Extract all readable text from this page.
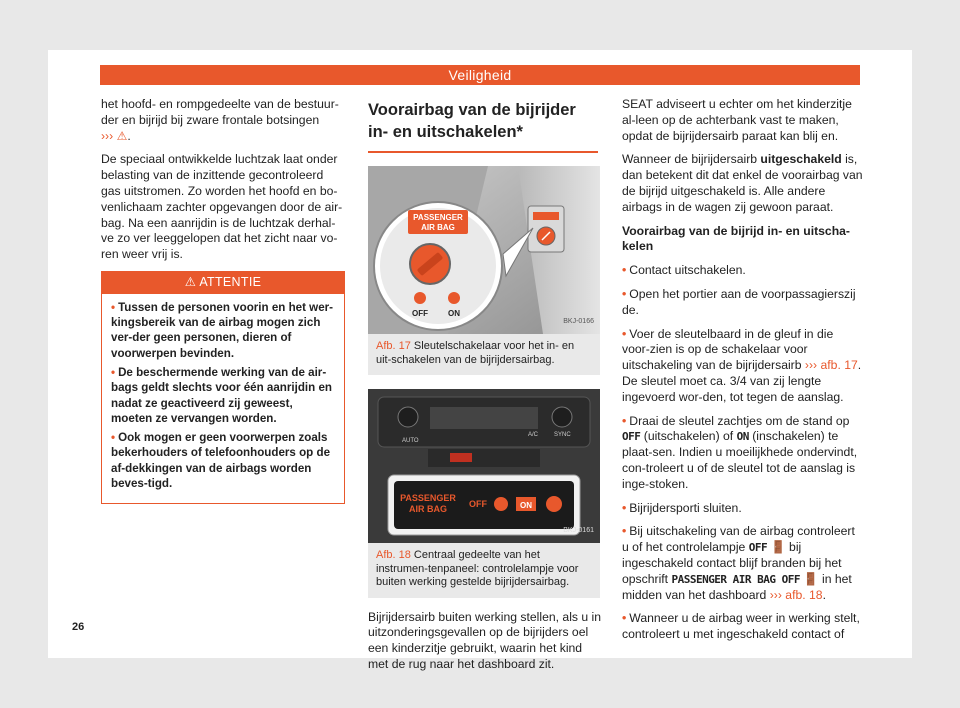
Veiligheid

het hoofd- en rompgedeelte van de bestuur-der en bijrijd bij zware frontale botsingen
››› ⚠.

De speciaal ontwikkelde luchtzak laat onder belasting van de inzittende gecontroleerd gas uitstromen. Zo worden het hoofd en bo-venlichaam zachter opgevangen door de air-bag. Na een aanrijdin is de luchtzak derhal-ve zo ver leeggelopen dat het zicht naar vo-ren weer vrij is.

⚠ ATTENTIE

• Tussen de personen voorin en het wer-kingsbereik van de airbag mogen zich ver-der geen personen, dieren of voorwerpen bevinden.

• De beschermende werking van de air-bags geldt slechts voor één aanrijdin en nadat ze geactiveerd zij geweest, moeten ze vervangen worden.

• Ook mogen er geen voorwerpen zoals bekerhouders of telefoonhouders op de af-dekkingen van de airbags worden beves-tigd.

Voorairbag van de bijrijder in- en uitschakelen*
PASSENGER
AIR BAG
OFF	ON
BKJ-0166
Afb. 17 Sleutelschakelaar voor het in- en uit-schakelen van de bijrijdersairbag.
A/C	SYNC
AUTO
PASSENGER
AIR BAG OFF	ON
BKJ-0161
Afb. 18 Centraal gedeelte van het instrumen-tenpaneel: controlelampje voor buiten werking gestelde bijrijdersairbag.

Bijrijdersairb buiten werking stellen, als u in uitzonderingsgevallen op de bijrijders oel een kinderzitje gebruikt, waarin het kind met de rug naar het dashboard zit.

SEAT adviseert u echter om het kinderzitje al-leen op de achterbank vast te maken, opdat de bijrijdersairb paraat kan blij en.

Wanneer de bijrijdersairb uitgeschakeld is, dan betekent dit dat enkel de voorairbag van de bijrijd uitgeschakeld is. Alle andere airbags in de wagen zij gewoon paraat.

Voorairbag van de bijrijd in- en uitscha-kelen

• Contact uitschakelen.

• Open het portier aan de voorpassagierszij de.

• Voer de sleutelbaard in de gleuf in die voor-zien is op de schakelaar voor uitschakeling van de bijrijdersairb ››› afb. 17. De sleutel moet ca. 3/4 van zij lengte ingevoerd wor-den, tot tegen de aanslag.

• Draai de sleutel zachtjes om de stand op OFF (uitschakelen) of ON (inschakelen) te plaat-sen. Indien u moeilijkhede ondervindt, con-troleert u of de sleutel tot de aanslag is inge-stoken.

• Bijrijdersporti sluiten.

• Bij uitschakeling van de airbag controleert u of het controlelampje OFF 🚪 bij ingeschakeld contact blijf branden bij het opschrift PASSENGER AIR BAG OFF 🚪 in het midden van het dashboard ››› afb. 18.

• Wanneer u de airbag weer in werking stelt, controleert u met ingeschakeld contact of

26
